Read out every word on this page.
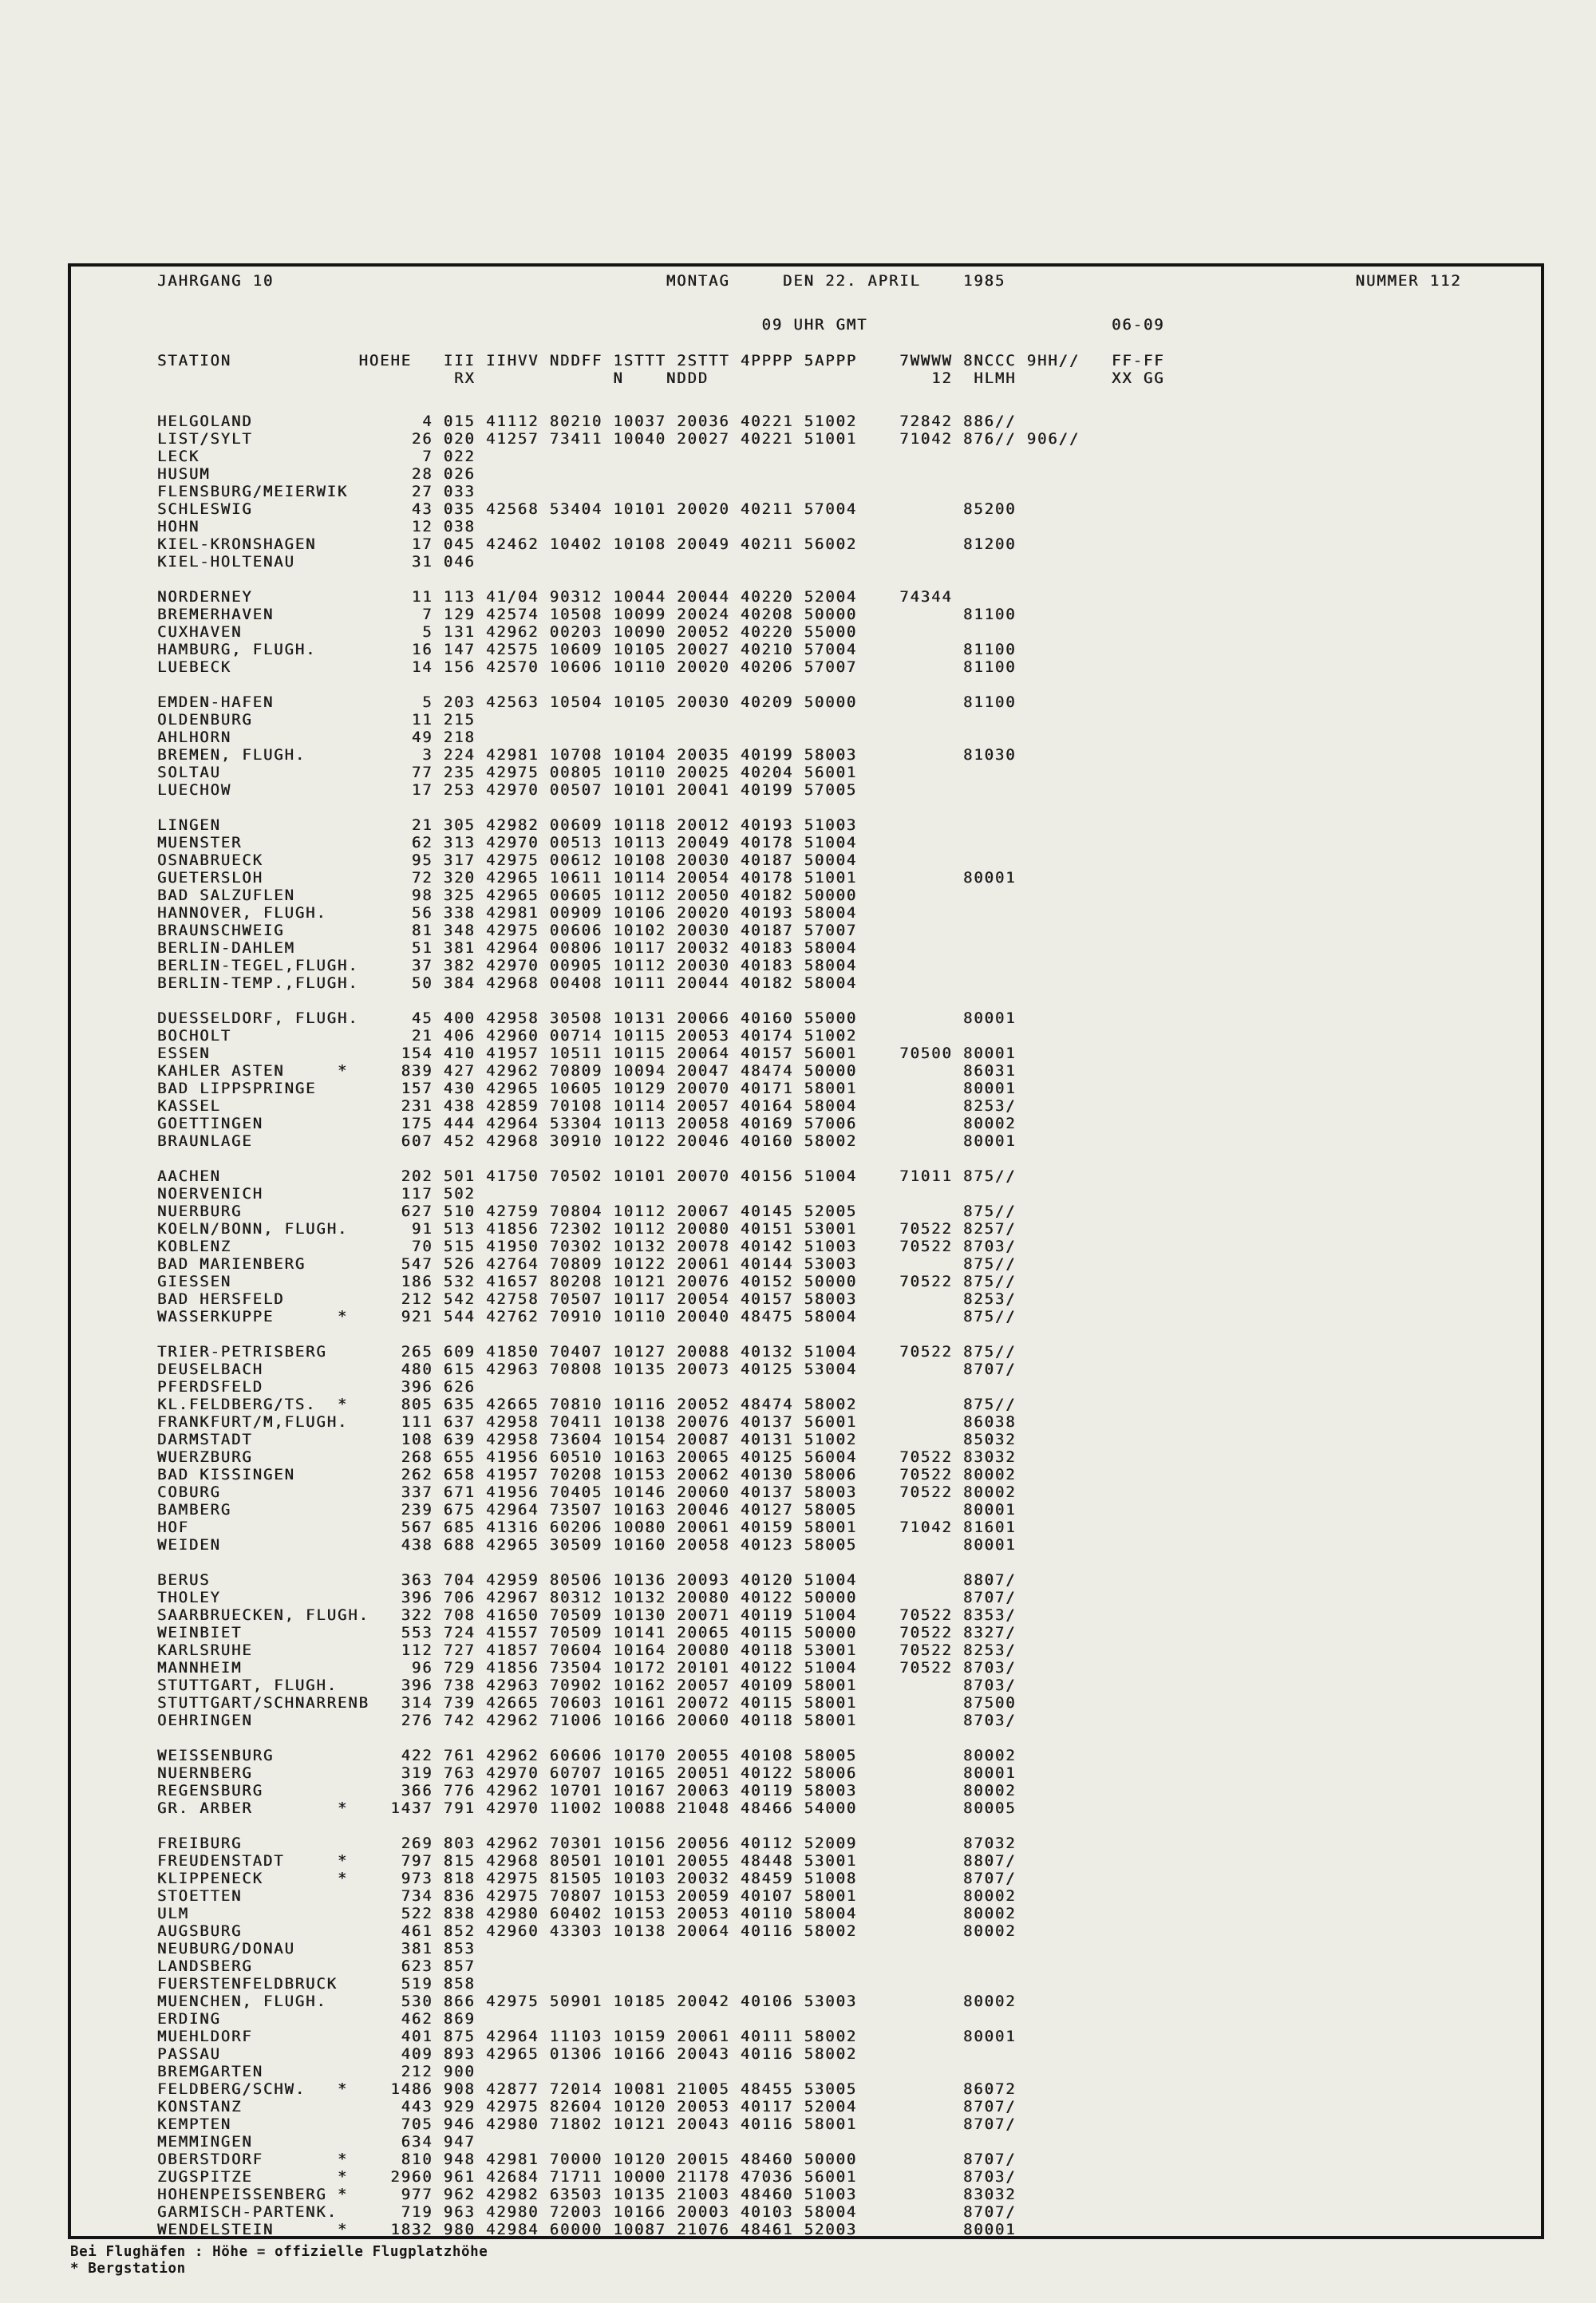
JAHRGANG 10                                     MONTAG     DEN 22. APRIL    1985                                 NUMMER 112
09 UHR GMT                       06-09
STATION            HOEHE   III IIHVV NDDFF 1STTT 2STTT 4PPPP 5APPP    7WWWW 8NCCC 9HH//   FF-FF
RX             N    NDDD                     12  HLMH         XX GG
HELGOLAND                4 015 41112 80210 10037 20036 40221 51002    72842 886//
LIST/SYLT               26 020 41257 73411 10040 20027 40221 51001    71042 876// 906//
LECK                     7 022
HUSUM                   28 026
FLENSBURG/MEIERWIK      27 033
SCHLESWIG               43 035 42568 53404 10101 20020 40211 57004          85200
HOHN                    12 038
KIEL-KRONSHAGEN         17 045 42462 10402 10108 20049 40211 56002          81200
KIEL-HOLTENAU           31 046

NORDERNEY               11 113 41/04 90312 10044 20044 40220 52004    74344
BREMERHAVEN              7 129 42574 10508 10099 20024 40208 50000          81100
CUXHAVEN                 5 131 42962 00203 10090 20052 40220 55000
HAMBURG, FLUGH.         16 147 42575 10609 10105 20027 40210 57004          81100
LUEBECK                 14 156 42570 10606 10110 20020 40206 57007          81100

EMDEN-HAFEN              5 203 42563 10504 10105 20030 40209 50000          81100
OLDENBURG               11 215
AHLHORN                 49 218
BREMEN, FLUGH.           3 224 42981 10708 10104 20035 40199 58003          81030
SOLTAU                  77 235 42975 00805 10110 20025 40204 56001
LUECHOW                 17 253 42970 00507 10101 20041 40199 57005

LINGEN                  21 305 42982 00609 10118 20012 40193 51003
MUENSTER                62 313 42970 00513 10113 20049 40178 51004
OSNABRUECK              95 317 42975 00612 10108 20030 40187 50004
GUETERSLOH              72 320 42965 10611 10114 20054 40178 51001          80001
BAD SALZUFLEN           98 325 42965 00605 10112 20050 40182 50000
HANNOVER, FLUGH.        56 338 42981 00909 10106 20020 40193 58004
BRAUNSCHWEIG            81 348 42975 00606 10102 20030 40187 57007
BERLIN-DAHLEM           51 381 42964 00806 10117 20032 40183 58004
BERLIN-TEGEL,FLUGH.     37 382 42970 00905 10112 20030 40183 58004
BERLIN-TEMP.,FLUGH.     50 384 42968 00408 10111 20044 40182 58004

DUESSELDORF, FLUGH.     45 400 42958 30508 10131 20066 40160 55000          80001
BOCHOLT                 21 406 42960 00714 10115 20053 40174 51002
ESSEN                  154 410 41957 10511 10115 20064 40157 56001    70500 80001
KAHLER ASTEN     *     839 427 42962 70809 10094 20047 48474 50000          86031
BAD LIPPSPRINGE        157 430 42965 10605 10129 20070 40171 58001          80001
KASSEL                 231 438 42859 70108 10114 20057 40164 58004          8253/
GOETTINGEN             175 444 42964 53304 10113 20058 40169 57006          80002
BRAUNLAGE              607 452 42968 30910 10122 20046 40160 58002          80001

AACHEN                 202 501 41750 70502 10101 20070 40156 51004    71011 875//
NOERVENICH             117 502
NUERBURG               627 510 42759 70804 10112 20067 40145 52005          875//
KOELN/BONN, FLUGH.      91 513 41856 72302 10112 20080 40151 53001    70522 8257/
KOBLENZ                 70 515 41950 70302 10132 20078 40142 51003    70522 8703/
BAD MARIENBERG         547 526 42764 70809 10122 20061 40144 53003          875//
GIESSEN                186 532 41657 80208 10121 20076 40152 50000    70522 875//
BAD HERSFELD           212 542 42758 70507 10117 20054 40157 58003          8253/
WASSERKUPPE      *     921 544 42762 70910 10110 20040 48475 58004          875//

TRIER-PETRISBERG       265 609 41850 70407 10127 20088 40132 51004    70522 875//
DEUSELBACH             480 615 42963 70808 10135 20073 40125 53004          8707/
PFERDSFELD             396 626
KL.FELDBERG/TS.  *     805 635 42665 70810 10116 20052 48474 58002          875//
FRANKFURT/M,FLUGH.     111 637 42958 70411 10138 20076 40137 56001          86038
DARMSTADT              108 639 42958 73604 10154 20087 40131 51002          85032
WUERZBURG              268 655 41956 60510 10163 20065 40125 56004    70522 83032
BAD KISSINGEN          262 658 41957 70208 10153 20062 40130 58006    70522 80002
COBURG                 337 671 41956 70405 10146 20060 40137 58003    70522 80002
BAMBERG                239 675 42964 73507 10163 20046 40127 58005          80001
HOF                    567 685 41316 60206 10080 20061 40159 58001    71042 81601
WEIDEN                 438 688 42965 30509 10160 20058 40123 58005          80001

BERUS                  363 704 42959 80506 10136 20093 40120 51004          8807/
THOLEY                 396 706 42967 80312 10132 20080 40122 50000          8707/
SAARBRUECKEN, FLUGH.   322 708 41650 70509 10130 20071 40119 51004    70522 8353/
WEINBIET               553 724 41557 70509 10141 20065 40115 50000    70522 8327/
KARLSRUHE              112 727 41857 70604 10164 20080 40118 53001    70522 8253/
MANNHEIM                96 729 41856 73504 10172 20101 40122 51004    70522 8703/
STUTTGART, FLUGH.      396 738 42963 70902 10162 20057 40109 58001          8703/
STUTTGART/SCHNARRENB   314 739 42665 70603 10161 20072 40115 58001          87500
OEHRINGEN              276 742 42962 71006 10166 20060 40118 58001          8703/

WEISSENBURG            422 761 42962 60606 10170 20055 40108 58005          80002
NUERNBERG              319 763 42970 60707 10165 20051 40122 58006          80001
REGENSBURG             366 776 42962 10701 10167 20063 40119 58003          80002
GR. ARBER        *    1437 791 42970 11002 10088 21048 48466 54000          80005

FREIBURG               269 803 42962 70301 10156 20056 40112 52009          87032
FREUDENSTADT     *     797 815 42968 80501 10101 20055 48448 53001          8807/
KLIPPENECK       *     973 818 42975 81505 10103 20032 48459 51008          8707/
STOETTEN               734 836 42975 70807 10153 20059 40107 58001          80002
ULM                    522 838 42980 60402 10153 20053 40110 58004          80002
AUGSBURG               461 852 42960 43303 10138 20064 40116 58002          80002
NEUBURG/DONAU          381 853
LANDSBERG              623 857
FUERSTENFELDBRUCK      519 858
MUENCHEN, FLUGH.       530 866 42975 50901 10185 20042 40106 53003          80002
ERDING                 462 869
MUEHLDORF              401 875 42964 11103 10159 20061 40111 58002          80001
PASSAU                 409 893 42965 01306 10166 20043 40116 58002
BREMGARTEN             212 900
FELDBERG/SCHW.   *    1486 908 42877 72014 10081 21005 48455 53005          86072
KONSTANZ               443 929 42975 82604 10120 20053 40117 52004          8707/
KEMPTEN                705 946 42980 71802 10121 20043 40116 58001          8707/
MEMMINGEN              634 947
OBERSTDORF       *     810 948 42981 70000 10120 20015 48460 50000          8707/
ZUGSPITZE        *    2960 961 42684 71711 10000 21178 47036 56001          8703/
HOHENPEISSENBERG *     977 962 42982 63503 10135 21003 48460 51003          83032
GARMISCH-PARTENK.      719 963 42980 72003 10166 20003 40103 58004          8707/
WENDELSTEIN      *    1832 980 42984 60000 10087 21076 48461 52003          80001
Bei Flughäfen : Höhe = offizielle Flugplatzhöhe
* Bergstation
